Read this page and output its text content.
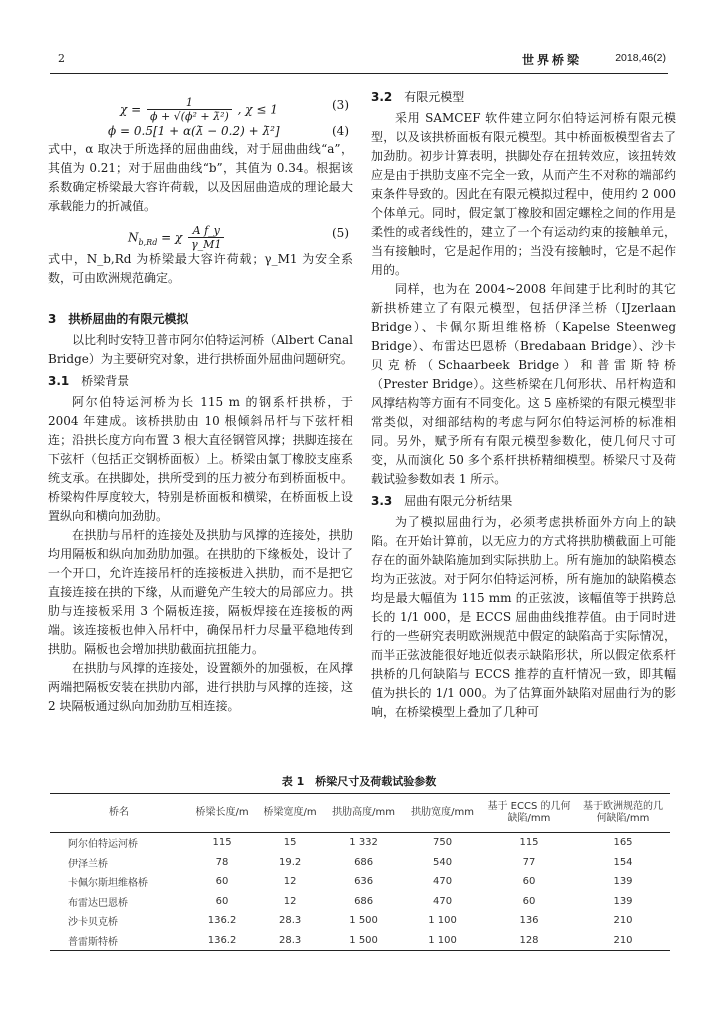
2	世界桥梁	2018,46(2)
$\chi = \frac{1}{\text{ϕ + √(ϕ² + λ̄²)}}$ , χ ≤ 1	(3)
ϕ = 0.5[1 + α(λ̄ − 0.2) + λ̄²]	(4)

式中，α 取决于所选择的屈曲曲线，对于屈曲曲线“a”，其值为 0.21；对于屈曲曲线“b”，其值为 0.34。根据该系数确定桥梁最大容许荷载，以及因屈曲造成的理论最大承载能力的折减值。

$N_{b,Rd} = \chi \frac{\text{A f\_y}}{\gamma\_M1}$	(5)

式中，N_b,Rd 为桥梁最大容许荷载；γ_M1 为安全系数，可由欧洲规范确定。

3　拱桥屈曲的有限元模拟

以比利时安特卫普市阿尔伯特运河桥（Albert Canal Bridge）为主要研究对象，进行拱桥面外屈曲问题研究。

3.1 桥梁背景

阿尔伯特运河桥为长 115 m 的钢系杆拱桥，于 2004 年建成。该桥拱肋由 10 根倾斜吊杆与下弦杆相连；沿拱长度方向布置 3 根大直径钢管风撑；拱脚连接在下弦杆（包括正交钢桥面板）上。桥梁由氯丁橡胶支座系统支承。在拱脚处，拱所受到的压力被分布到桥面板中。桥梁构件厚度较大，特别是桥面板和横梁，在桥面板上设置纵向和横向加劲肋。

在拱肋与吊杆的连接处及拱肋与风撑的连接处，拱肋均用隔板和纵向加劲肋加强。在拱肋的下缘板处，设计了一个开口，允许连接吊杆的连接板进入拱肋，而不是把它直接连接在拱的下缘，从而避免产生较大的局部应力。拱肋与连接板采用 3 个隔板连接，隔板焊接在连接板的两端。该连接板也伸入吊杆中，确保吊杆力尽量平稳地传到拱肋。隔板也会增加拱肋截面抗扭能力。

在拱肋与风撑的连接处，设置额外的加强板，在风撑两端把隔板安装在拱肋内部，进行拱肋与风撑的连接，这 2 块隔板通过纵向加劲肋互相连接。

3.2 有限元模型

采用 SAMCEF 软件建立阿尔伯特运河桥有限元模型，以及该拱桥面板有限元模型。其中桥面板模型省去了加劲肋。初步计算表明，拱脚处存在扭转效应，该扭转效应是由于拱肋支座不完全一致，从而产生不对称的端部约束条件导致的。因此在有限元模拟过程中，使用约 2 000 个体单元。同时，假定氯丁橡胶和固定螺栓之间的作用是柔性的或者线性的，建立了一个有运动约束的接触单元，当有接触时，它是起作用的；当没有接触时，它是不起作用的。

同样，也为在 2004~2008 年间建于比利时的其它新拱桥建立了有限元模型，包括伊泽兰桥（IJzerlaan Bridge）、卡佩尔斯坦维格桥（Kapelse Steenweg Bridge）、布雷达巴恩桥（Bredabaan Bridge）、沙卡贝克桥（Schaarbeek Bridge）和普雷斯特桥（Prester Bridge）。这些桥梁在几何形状、吊杆构造和风撑结构等方面有不同变化。这 5 座桥梁的有限元模型非常类似，对细部结构的考虑与阿尔伯特运河桥的标准相同。另外，赋予所有有限元模型参数化，使几何尺寸可变，从而演化 50 多个系杆拱桥精细模型。桥梁尺寸及荷载试验参数如表 1 所示。

3.3 屈曲有限元分析结果

为了模拟屈曲行为，必须考虑拱桥面外方向上的缺陷。在开始计算前，以无应力的方式将拱肋横截面上可能存在的面外缺陷施加到实际拱肋上。所有施加的缺陷模态均为正弦波。对于阿尔伯特运河桥，所有施加的缺陷模态均是最大幅值为 115 mm 的正弦波，该幅值等于拱跨总长的 1/1 000，是 ECCS 屈曲曲线推荐值。由于同时进行的一些研究表明欧洲规范中假定的缺陷高于实际情况，而半正弦波能很好地近似表示缺陷形状，所以假定依系杆拱桥的几何缺陷与 ECCS 推荐的直杆情况一致，即其幅值为拱长的 1/1 000。为了估算面外缺陷对屈曲行为的影响，在桥梁模型上叠加了几种可

表 1　桥梁尺寸及荷载试验参数
桥名	桥梁长度/m	桥梁宽度/m	拱肋高度/mm	拱肋宽度/mm	基于 ECCS 的几何缺陷/mm	基于欧洲规范的几何缺陷/mm
阿尔伯特运河桥	115	15	1 332	750	115	165
伊泽兰桥	78	19.2	686	540	77	154
卡佩尔斯坦维格桥	60	12	636	470	60	139
布雷达巴恩桥	60	12	686	470	60	139
沙卡贝克桥	136.2	28.3	1 500	1 100	136	210
普雷斯特桥	136.2	28.3	1 500	1 100	128	210
